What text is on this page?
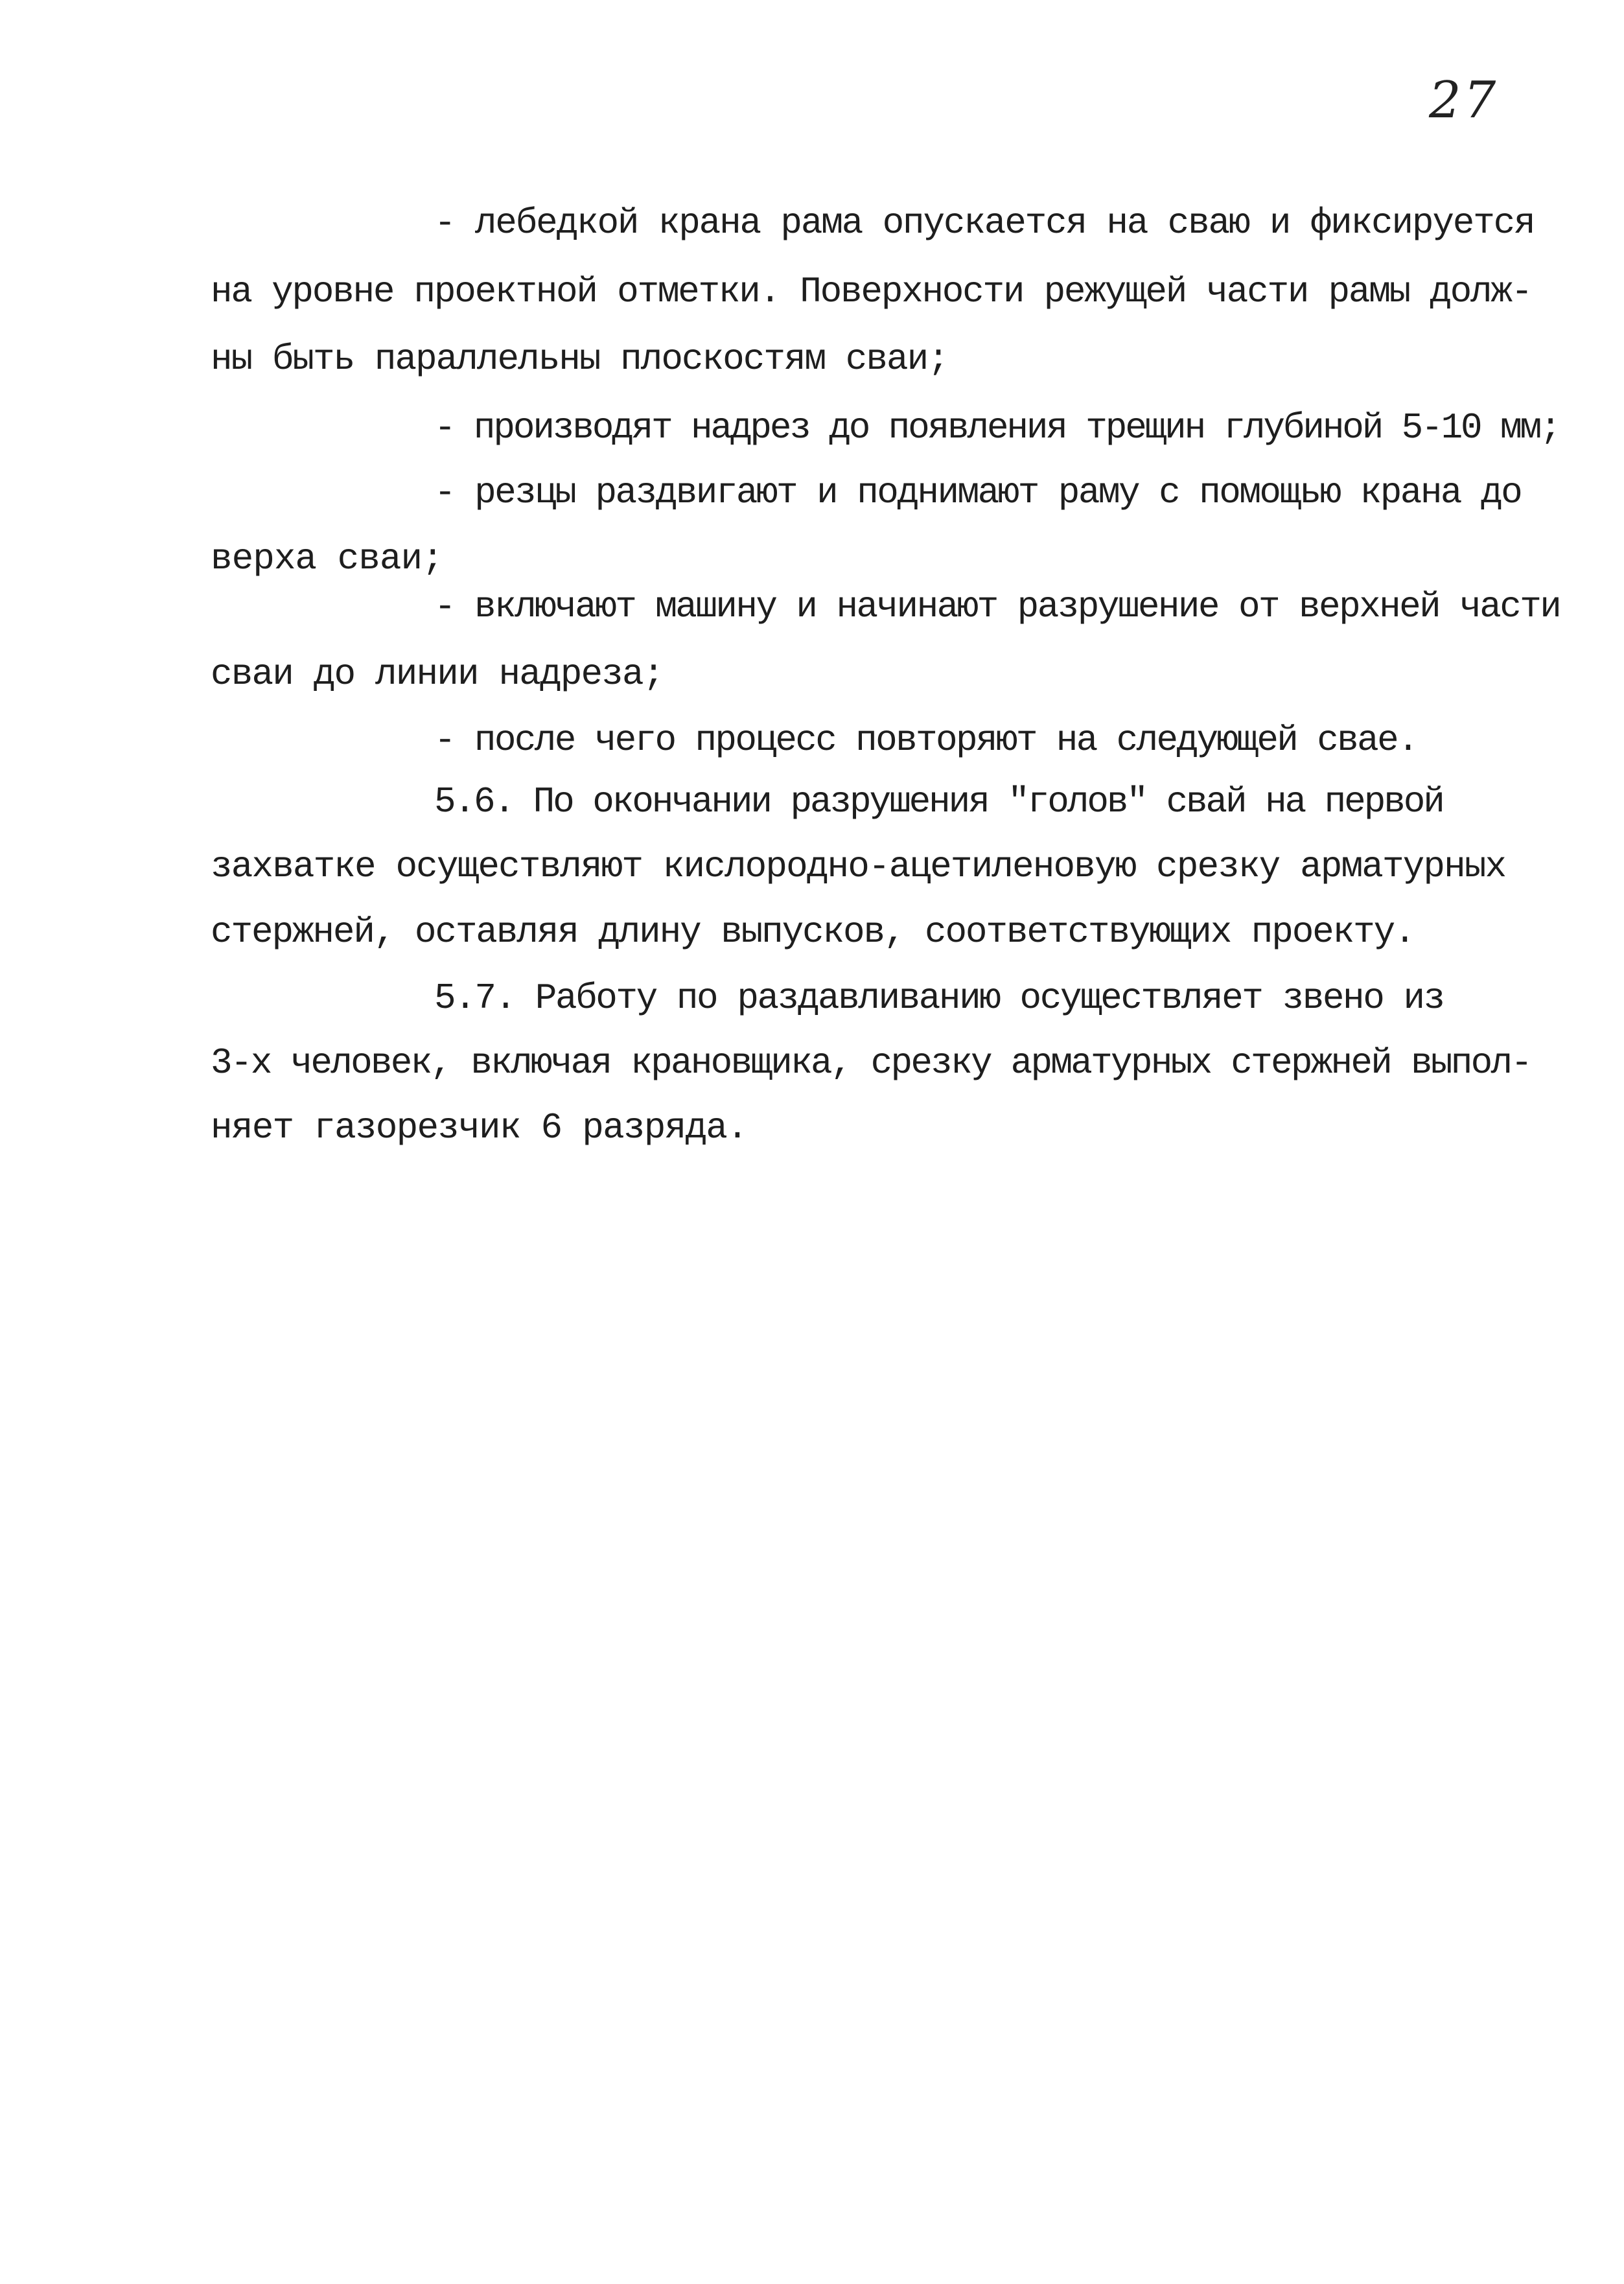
27
- лебедкой крана рама опускается на сваю и фиксируется
на уровне проектной отметки. Поверхности режущей части рамы долж-
ны быть параллельны плоскостям сваи;
- производят надрез до появления трещин глубиной 5-10 мм;
- резцы раздвигают и поднимают раму с помощью крана до
верха сваи;
- включают машину и начинают разрушение от верхней части
сваи до линии надреза;
- после чего процесс повторяют на следующей свае.
5.6. По окончании разрушения "голов" свай на первой
захватке осуществляют кислородно-ацетиленовую срезку арматурных
стержней, оставляя длину выпусков, соответствующих проекту.
5.7. Работу по раздавливанию осуществляет звено из
3-х человек, включая крановщика, срезку арматурных стержней выпол-
няет газорезчик 6 разряда.
